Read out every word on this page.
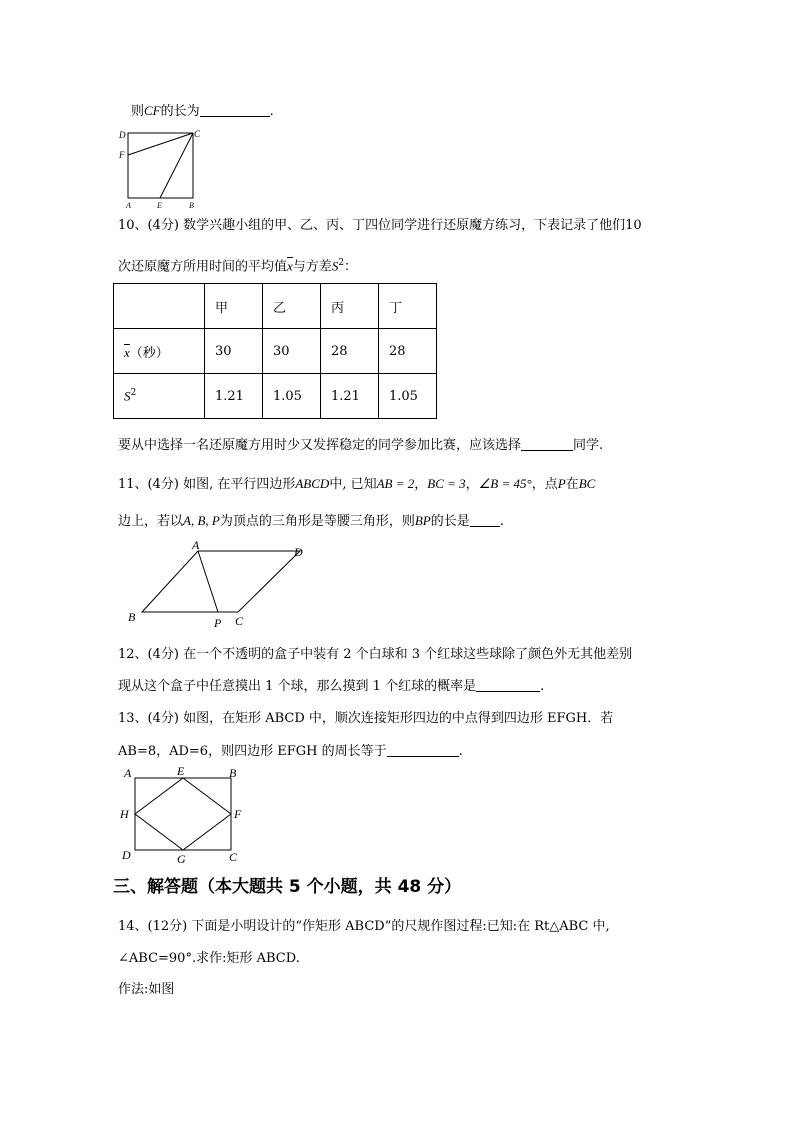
则CF的长为	.
D	C
F
A	E	B
10、(4分) 数学兴趣小组的甲、乙、丙、丁四位同学进行还原魔方练习，下表记录了他们10
次还原魔方所用时间的平均值$\overline{x}$与方差$S^2$：
	甲	乙	丙	丁
$\overline{x}$（秒）	30	30	28	28
$S^2$	1.21	1.05	1.21	1.05
要从中选择一名还原魔方用时少又发挥稳定的同学参加比赛，应该选择	同学.
11、(4分) 如图, 在平行四边形ABCD中, 已知AB = 2，BC = 3，∠B = 45°，点P在BC
边上，若以A, B, P为顶点的三角形是等腰三角形，则BP的长是 .
A	D
B	P C
12、(4分) 在一个不透明的盒子中装有 2 个白球和 3 个红球这些球除了颜色外无其他差别
现从这个盒子中任意摸出 1 个球，那么摸到 1 个红球的概率是	.
13、(4分) 如图，在矩形 ABCD 中，顺次连接矩形四边的中点得到四边形 EFGH．若
AB=8，AD=6，则四边形 EFGH 的周长等于	.
A	E	B
H	F
D	G	C
三、解答题（本大题共 5 个小题，共 48 分）
14、(12分) 下面是小明设计的“作矩形 ABCD”的尺规作图过程:已知:在 Rt△ABC 中,
∠ABC=90°.求作:矩形 ABCD.
作法:如图
